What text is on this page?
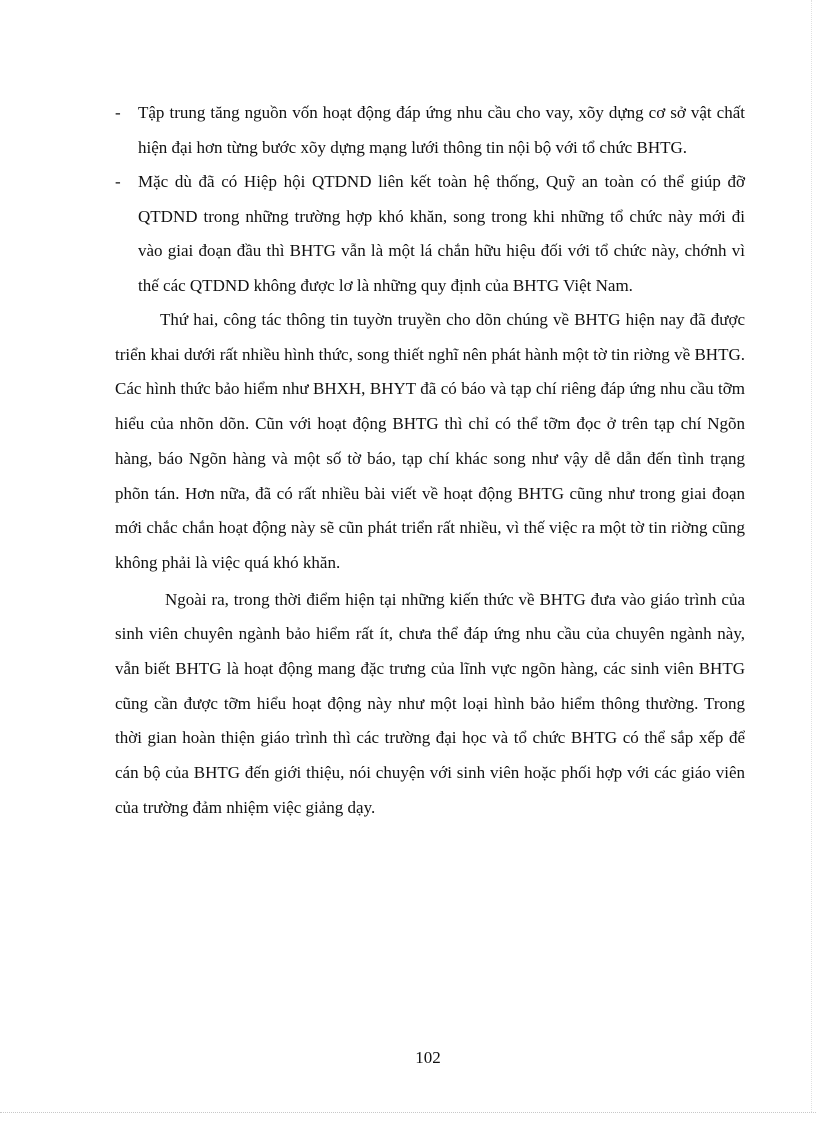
- Tập trung tăng nguồn vốn hoạt động đáp ứng nhu cầu cho vay, xõy dựng cơ sở vật chất hiện đại hơn từng bước xõy dựng mạng lưới thông tin nội bộ với tổ chức BHTG.

- Mặc dù đã có Hiệp hội QTDND liên kết toàn hệ thống, Quỹ an toàn có thể giúp đỡ QTDND trong những trường hợp khó khăn, song trong khi những tổ chức này mới đi vào giai đoạn đầu thì BHTG vẫn là một lá chắn hữu hiệu đối với tổ chức này, chớnh vì thế các QTDND không được lơ là những quy định của BHTG Việt Nam.

Thứ hai, công tác thông tin tuyờn truyền cho dõn chúng về BHTG hiện nay đã được triển khai dưới rất nhiều hình thức, song thiết nghĩ nên phát hành một tờ tin riờng về BHTG. Các hình thức bảo hiểm như BHXH, BHYT đã có báo và tạp chí riêng đáp ứng nhu cầu tỡm hiểu của nhõn dõn. Cũn với hoạt động BHTG thì chỉ có thể tỡm đọc ở trên tạp chí Ngõn hàng, báo Ngõn hàng và một số tờ báo, tạp chí khác song như vậy dễ dẫn đến tình trạng phõn tán. Hơn nữa, đã có rất nhiều bài viết về hoạt động BHTG cũng như trong giai đoạn mới chắc chắn hoạt động này sẽ cũn phát triển rất nhiều, vì thế việc ra một tờ tin riờng cũng không phải là việc quá khó khăn.

Ngoài ra, trong thời điểm hiện tại những kiến thức về BHTG đưa vào giáo trình của sinh viên chuyên ngành bảo hiểm rất ít, chưa thể đáp ứng nhu cầu của chuyên ngành này, vẫn biết BHTG là hoạt động mang đặc trưng của lĩnh vực ngõn hàng, các sinh viên BHTG cũng cần được tỡm hiểu hoạt động này như một loại hình bảo hiểm thông thường. Trong thời gian hoàn thiện giáo trình thì các trường đại học và tổ chức BHTG có thể sắp xếp để cán bộ của BHTG đến giới thiệu, nói chuyện với sinh viên hoặc phối hợp với các giáo viên của trường đảm nhiệm việc giảng dạy.

102
